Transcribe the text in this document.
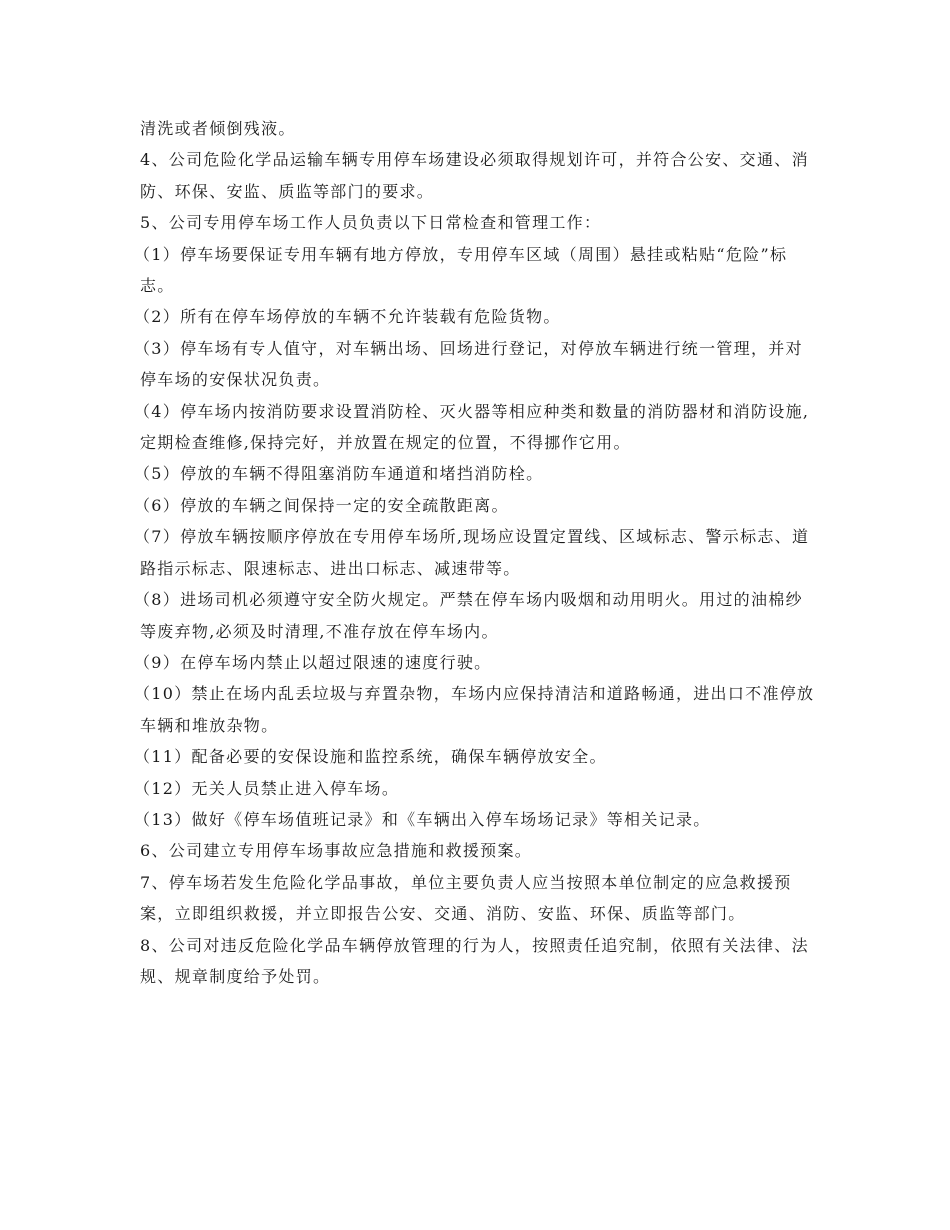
清洗或者倾倒残液。

4、公司危险化学品运输车辆专用停车场建设必须取得规划许可，并符合公安、交通、消防、环保、安监、质监等部门的要求。

5、公司专用停车场工作人员负责以下日常检查和管理工作：

（1）停车场要保证专用车辆有地方停放，专用停车区域（周围）悬挂或粘贴“危险”标志。

（2）所有在停车场停放的车辆不允许装载有危险货物。

（3）停车场有专人值守，对车辆出场、回场进行登记，对停放车辆进行统一管理，并对停车场的安保状况负责。

（4）停车场内按消防要求设置消防栓、灭火器等相应种类和数量的消防器材和消防设施,定期检查维修,保持完好，并放置在规定的位置，不得挪作它用。

（5）停放的车辆不得阻塞消防车通道和堵挡消防栓。

（6）停放的车辆之间保持一定的安全疏散距离。

（7）停放车辆按顺序停放在专用停车场所,现场应设置定置线、区域标志、警示标志、道路指示标志、限速标志、进出口标志、减速带等。

（8）进场司机必须遵守安全防火规定。严禁在停车场内吸烟和动用明火。用过的油棉纱等废弃物,必须及时清理,不准存放在停车场内。

（9）在停车场内禁止以超过限速的速度行驶。

（10）禁止在场内乱丢垃圾与弃置杂物，车场内应保持清洁和道路畅通，进出口不准停放车辆和堆放杂物。

（11）配备必要的安保设施和监控系统，确保车辆停放安全。

（12）无关人员禁止进入停车场。

（13）做好《停车场值班记录》和《车辆出入停车场场记录》等相关记录。

6、公司建立专用停车场事故应急措施和救援预案。

7、停车场若发生危险化学品事故，单位主要负责人应当按照本单位制定的应急救援预案，立即组织救援，并立即报告公安、交通、消防、安监、环保、质监等部门。

8、公司对违反危险化学品车辆停放管理的行为人，按照责任追究制，依照有关法律、法规、规章制度给予处罚。
